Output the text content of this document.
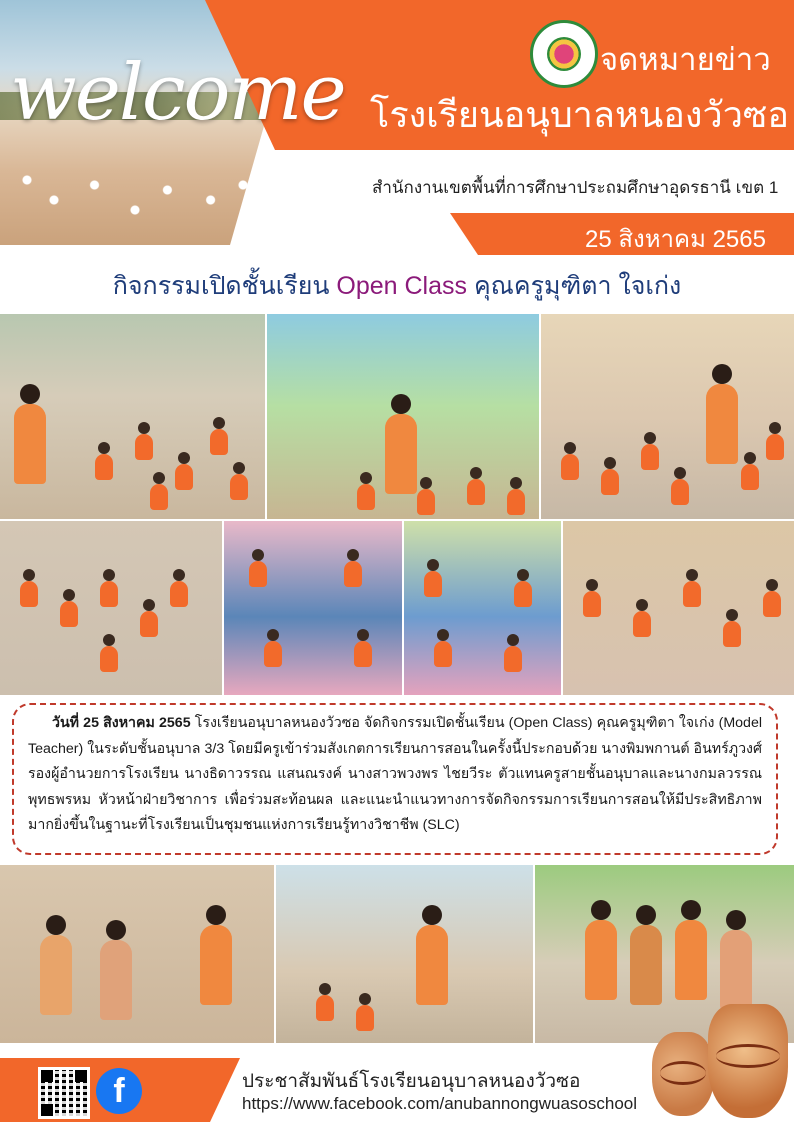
welcome	จดหมายข่าว
โรงเรียนอนุบาลหนองวัวซอ
สำนักงานเขตพื้นที่การศึกษาประถมศึกษาอุดรธานี เขต 1
25 สิงหาคม 2565
กิจกรรมเปิดชั้นเรียน Open Class คุณครูมุฑิตา ใจเก่ง

วันที่ 25 สิงหาคม 2565 โรงเรียนอนุบาลหนองวัวซอ จัดกิจกรรมเปิดชั้นเรียน (Open Class) คุณครูมุฑิตา ใจเก่ง (Model Teacher) ในระดับชั้นอนุบาล 3/3 โดยมีครูเข้าร่วมสังเกตการเรียนการสอนในครั้งนี้ประกอบด้วย นางพิมพกานต์ อินทร์ภูวงศ์ รองผู้อำนวยการโรงเรียน นางธิดาวรรณ แสนณรงค์ นางสาวพวงพร ไชยวีระ ตัวแทนครูสายชั้นอนุบาลและนางกมลวรรณ พุทธพรหม หัวหน้าฝ่ายวิชาการ เพื่อร่วมสะท้อนผล และแนะนำแนวทางการจัดกิจกรรมการเรียนการสอนให้มีประสิทธิภาพมากยิ่งขึ้นในฐานะที่โรงเรียนเป็นชุมชนแห่งการเรียนรู้ทางวิชาชีพ (SLC)

f	ประชาสัมพันธ์โรงเรียนอนุบาลหนองวัวซอ
https://www.facebook.com/anubannongwuasoschool
